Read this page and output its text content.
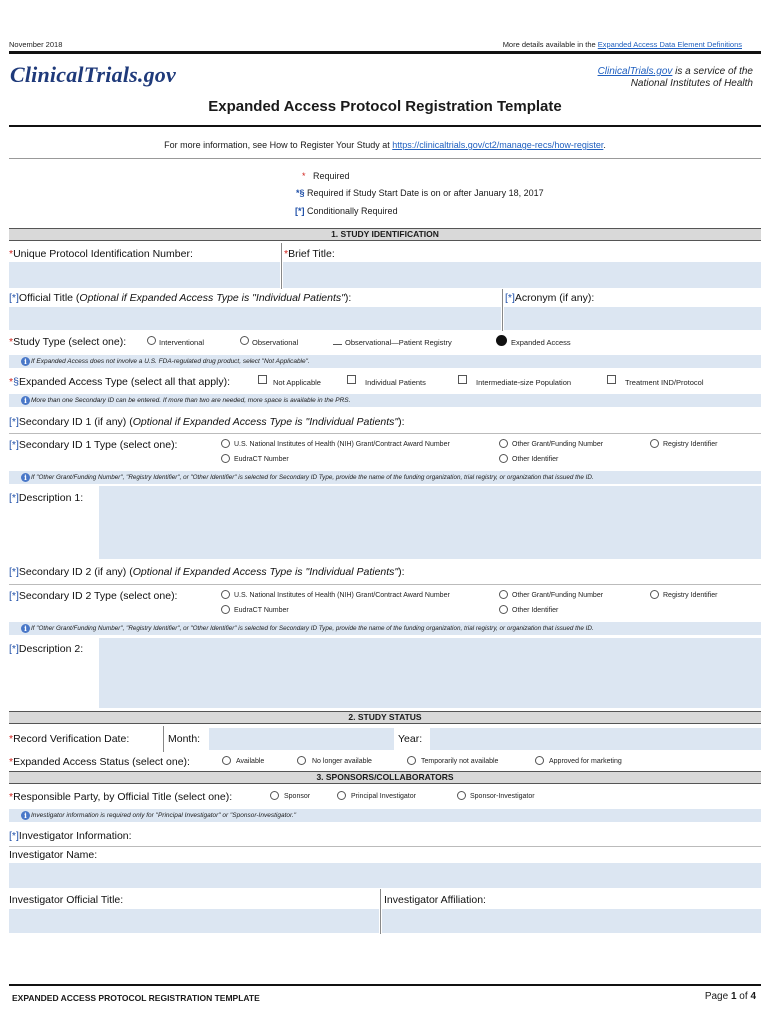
November 2018	More details available in the Expanded Access Data Element Definitions
ClinicalTrials.gov	ClinicalTrials.gov is a service of the
National Institutes of Health
Expanded Access Protocol Registration Template
For more information, see How to Register Your Study at https://clinicaltrials.gov/ct2/manage-recs/how-register.
* Required
*§ Required if Study Start Date is on or after January 18, 2017
[*] Conditionally Required
1. STUDY IDENTIFICATION
*Unique Protocol Identification Number:	*Brief Title:
[*]Official Title (Optional if Expanded Access Type is "Individual Patients"):	[*]Acronym (if any):
*Study Type (select one):	Interventional	Observational	Observational—Patient Registry	Expanded Access
i If Expanded Access does not involve a U.S. FDA-regulated drug product, select "Not Applicable".
*§Expanded Access Type (select all that apply):	Not Applicable	Individual Patients	Intermediate-size Population	Treatment IND/Protocol
i More than one Secondary ID can be entered. If more than two are needed, more space is available in the PRS.
[*]Secondary ID 1 (if any) (Optional if Expanded Access Type is "Individual Patients"):
[*]Secondary ID 1 Type (select one):	U.S. National Institutes of Health (NIH) Grant/Contract Award Number	Other Grant/Funding Number	Registry Identifier
EudraCT Number	Other Identifier
i If "Other Grant/Funding Number", "Registry Identifier", or "Other Identifier" is selected for Secondary ID Type, provide the name of the funding organization, trial registry, or organization that issued the ID.
[*]Description 1:
[*]Secondary ID 2 (if any) (Optional if Expanded Access Type is "Individual Patients"):
[*]Secondary ID 2 Type (select one):	U.S. National Institutes of Health (NIH) Grant/Contract Award Number	Other Grant/Funding Number	Registry Identifier
EudraCT Number	Other Identifier
i If "Other Grant/Funding Number", "Registry Identifier", or "Other Identifier" is selected for Secondary ID Type, provide the name of the funding organization, trial registry, or organization that issued the ID.
[*]Description 2:
2. STUDY STATUS
*Record Verification Date:	Month:	Year:
*Expanded Access Status (select one):	Available	No longer available	Temporarily not available	Approved for marketing
3. SPONSORS/COLLABORATORS
*Responsible Party, by Official Title (select one):	Sponsor	Principal Investigator	Sponsor-Investigator
i Investigator information is required only for "Principal Investigator" or "Sponsor-Investigator."
[*]Investigator Information:
Investigator Name:
Investigator Official Title:	Investigator Affiliation:
EXPANDED ACCESS PROTOCOL REGISTRATION TEMPLATE	Page 1 of 4
